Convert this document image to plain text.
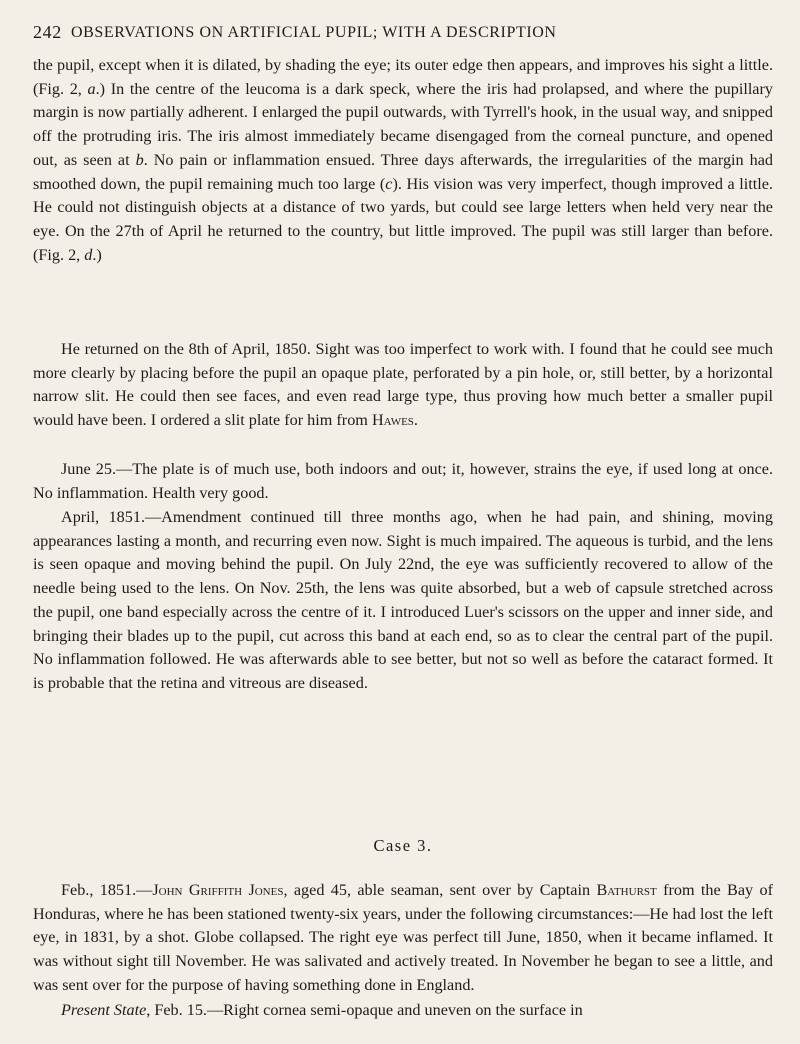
242 OBSERVATIONS ON ARTIFICIAL PUPIL; WITH A DESCRIPTION

the pupil, except when it is dilated, by shading the eye; its outer edge then appears, and improves his sight a little. (Fig. 2, a.) In the centre of the leucoma is a dark speck, where the iris had prolapsed, and where the pupillary margin is now partially adherent. I enlarged the pupil outwards, with Tyrrell's hook, in the usual way, and snipped off the protruding iris. The iris almost immediately became disengaged from the corneal puncture, and opened out, as seen at b. No pain or inflammation ensued. Three days afterwards, the irregularities of the margin had smoothed down, the pupil remaining much too large (c). His vision was very imperfect, though improved a little. He could not distinguish objects at a distance of two yards, but could see large letters when held very near the eye. On the 27th of April he returned to the country, but little improved. The pupil was still larger than before. (Fig. 2, d.)

He returned on the 8th of April, 1850. Sight was too imperfect to work with. I found that he could see much more clearly by placing before the pupil an opaque plate, perforated by a pin hole, or, still better, by a horizontal narrow slit. He could then see faces, and even read large type, thus proving how much better a smaller pupil would have been. I ordered a slit plate for him from Hawes.

June 25.—The plate is of much use, both indoors and out; it, however, strains the eye, if used long at once. No inflammation. Health very good.

April, 1851.—Amendment continued till three months ago, when he had pain, and shining, moving appearances lasting a month, and recurring even now. Sight is much impaired. The aqueous is turbid, and the lens is seen opaque and moving behind the pupil. On July 22nd, the eye was sufficiently recovered to allow of the needle being used to the lens. On Nov. 25th, the lens was quite absorbed, but a web of capsule stretched across the pupil, one band especially across the centre of it. I introduced Luer's scissors on the upper and inner side, and bringing their blades up to the pupil, cut across this band at each end, so as to clear the central part of the pupil. No inflammation followed. He was afterwards able to see better, but not so well as before the cataract formed. It is probable that the retina and vitreous are diseased.

Case 3.

Feb., 1851.—John Griffith Jones, aged 45, able seaman, sent over by Captain Bathurst from the Bay of Honduras, where he has been stationed twenty-six years, under the following circumstances:—He had lost the left eye, in 1831, by a shot. Globe collapsed. The right eye was perfect till June, 1850, when it became inflamed. It was without sight till November. He was salivated and actively treated. In November he began to see a little, and was sent over for the purpose of having something done in England.

Present State, Feb. 15.—Right cornea semi-opaque and uneven on the surface in
